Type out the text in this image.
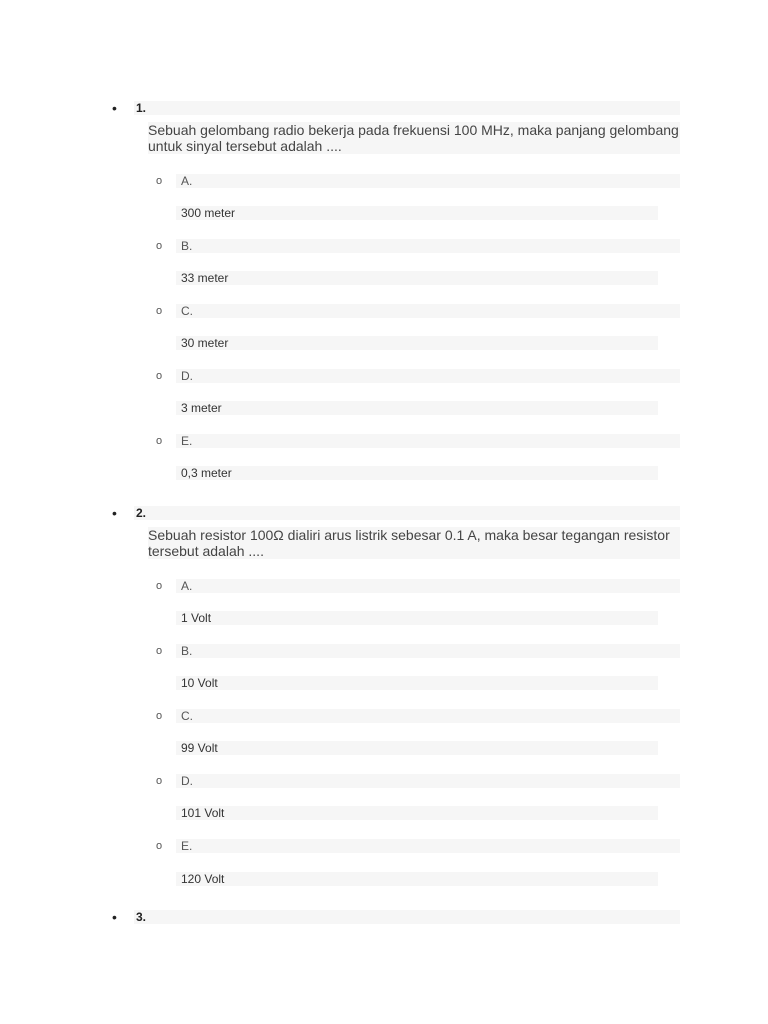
•	1.
Sebuah gelombang radio bekerja pada frekuensi 100 MHz, maka panjang gelombang untuk sinyal tersebut adalah ....
o A.
300 meter
o B.
33 meter
o C.
30 meter
o D.
3 meter
o E.
0,3 meter
•	2.
Sebuah resistor 100Ω dialiri arus listrik sebesar 0.1 A, maka besar tegangan resistor tersebut adalah ....
o A.
1 Volt
o B.
10 Volt
o C.
99 Volt
o D.
101 Volt
o E.
120 Volt
•	3.
